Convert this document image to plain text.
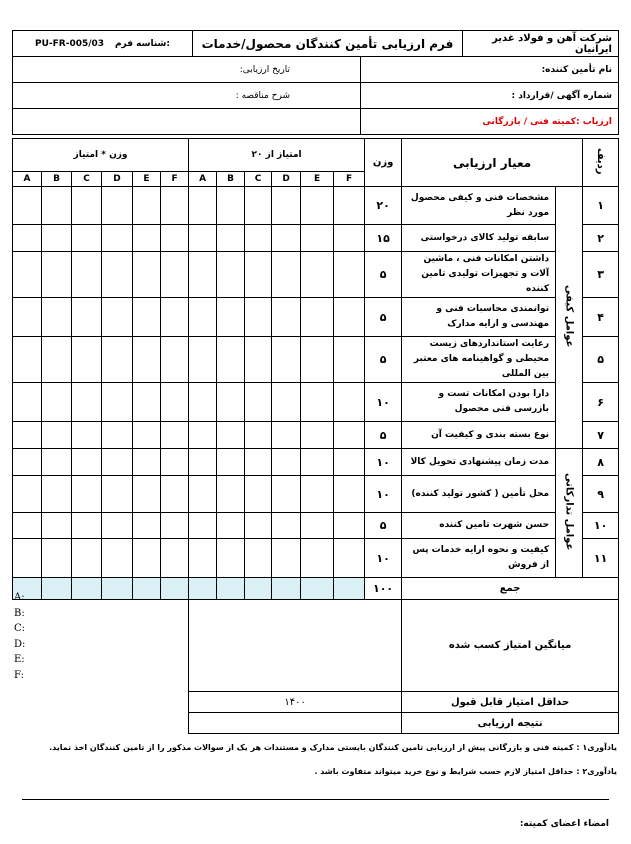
PU-FR-005/03 شناسه فرم:	فرم ارزیابی تأمین کنندگان محصول/خدمات		شرکت آهن و فولاد غدیر ایرانیان
تاریخ ارزیابی:		نام تأمین کننده:	
شرح مناقصه :		شماره آگهی /قرارداد :	
		ارزیاب :کمیته فنی / بازرگانی	
وزن * امتیاز						امتیاز از ۲۰						وزن	معیار ارزیابی		ردیف
A	B	C	D	E	F	A	B	C	D	E	F				
												۲۰	مشخصات فنی و کیفی محصول مورد نظر	عوامل کیفی	۱
												۱۵	سابقه تولید کالای درخواستی		۲
												۵	داشتن امکانات فنی ، ماشین آلات و تجهیزات تولیدی تامین کننده		۳
												۵	توانمندی محاسبات فنی و مهندسی و ارایه مدارک		۴
												۵	رعایت استانداردهای زیست محیطی و گواهینامه های معتبر بین المللی		۵
												۱۰	دارا بودن امکانات تست و بازرسی فنی محصول		۶
												۵	نوع بسته بندی و کیفیت آن		۷
												۱۰	مدت زمان پیشنهادی تحویل کالا	عوامل تدارکاتی	۸
												۱۰	محل تأمین ( کشور تولید کننده)		۹
												۵	حسن شهرت تامین کننده		۱۰
												۱۰	کیفیت و نحوه ارایه خدمات پس از فروش		۱۱
												۱۰۰	جمع		
													میانگین امتیاز کسب شده		
						۱۴۰۰							حداقل امتیاز قابل قبول		
													نتیجه ارزیابی		
A:
B:
C:
D:
E:
F:
یادآوری۱ : کمیته فنی و بازرگانی پیش از ارزیابی تامین کنندگان بایستی مدارک و مستندات هر یک از سوالات مذکور را از تامین کنندگان اخذ نماید.
یادآوری۲ : حداقل امتیاز لازم حسب شرایط و نوع خرید میتواند متفاوت باشد .
امضاء اعضای کمیته:
